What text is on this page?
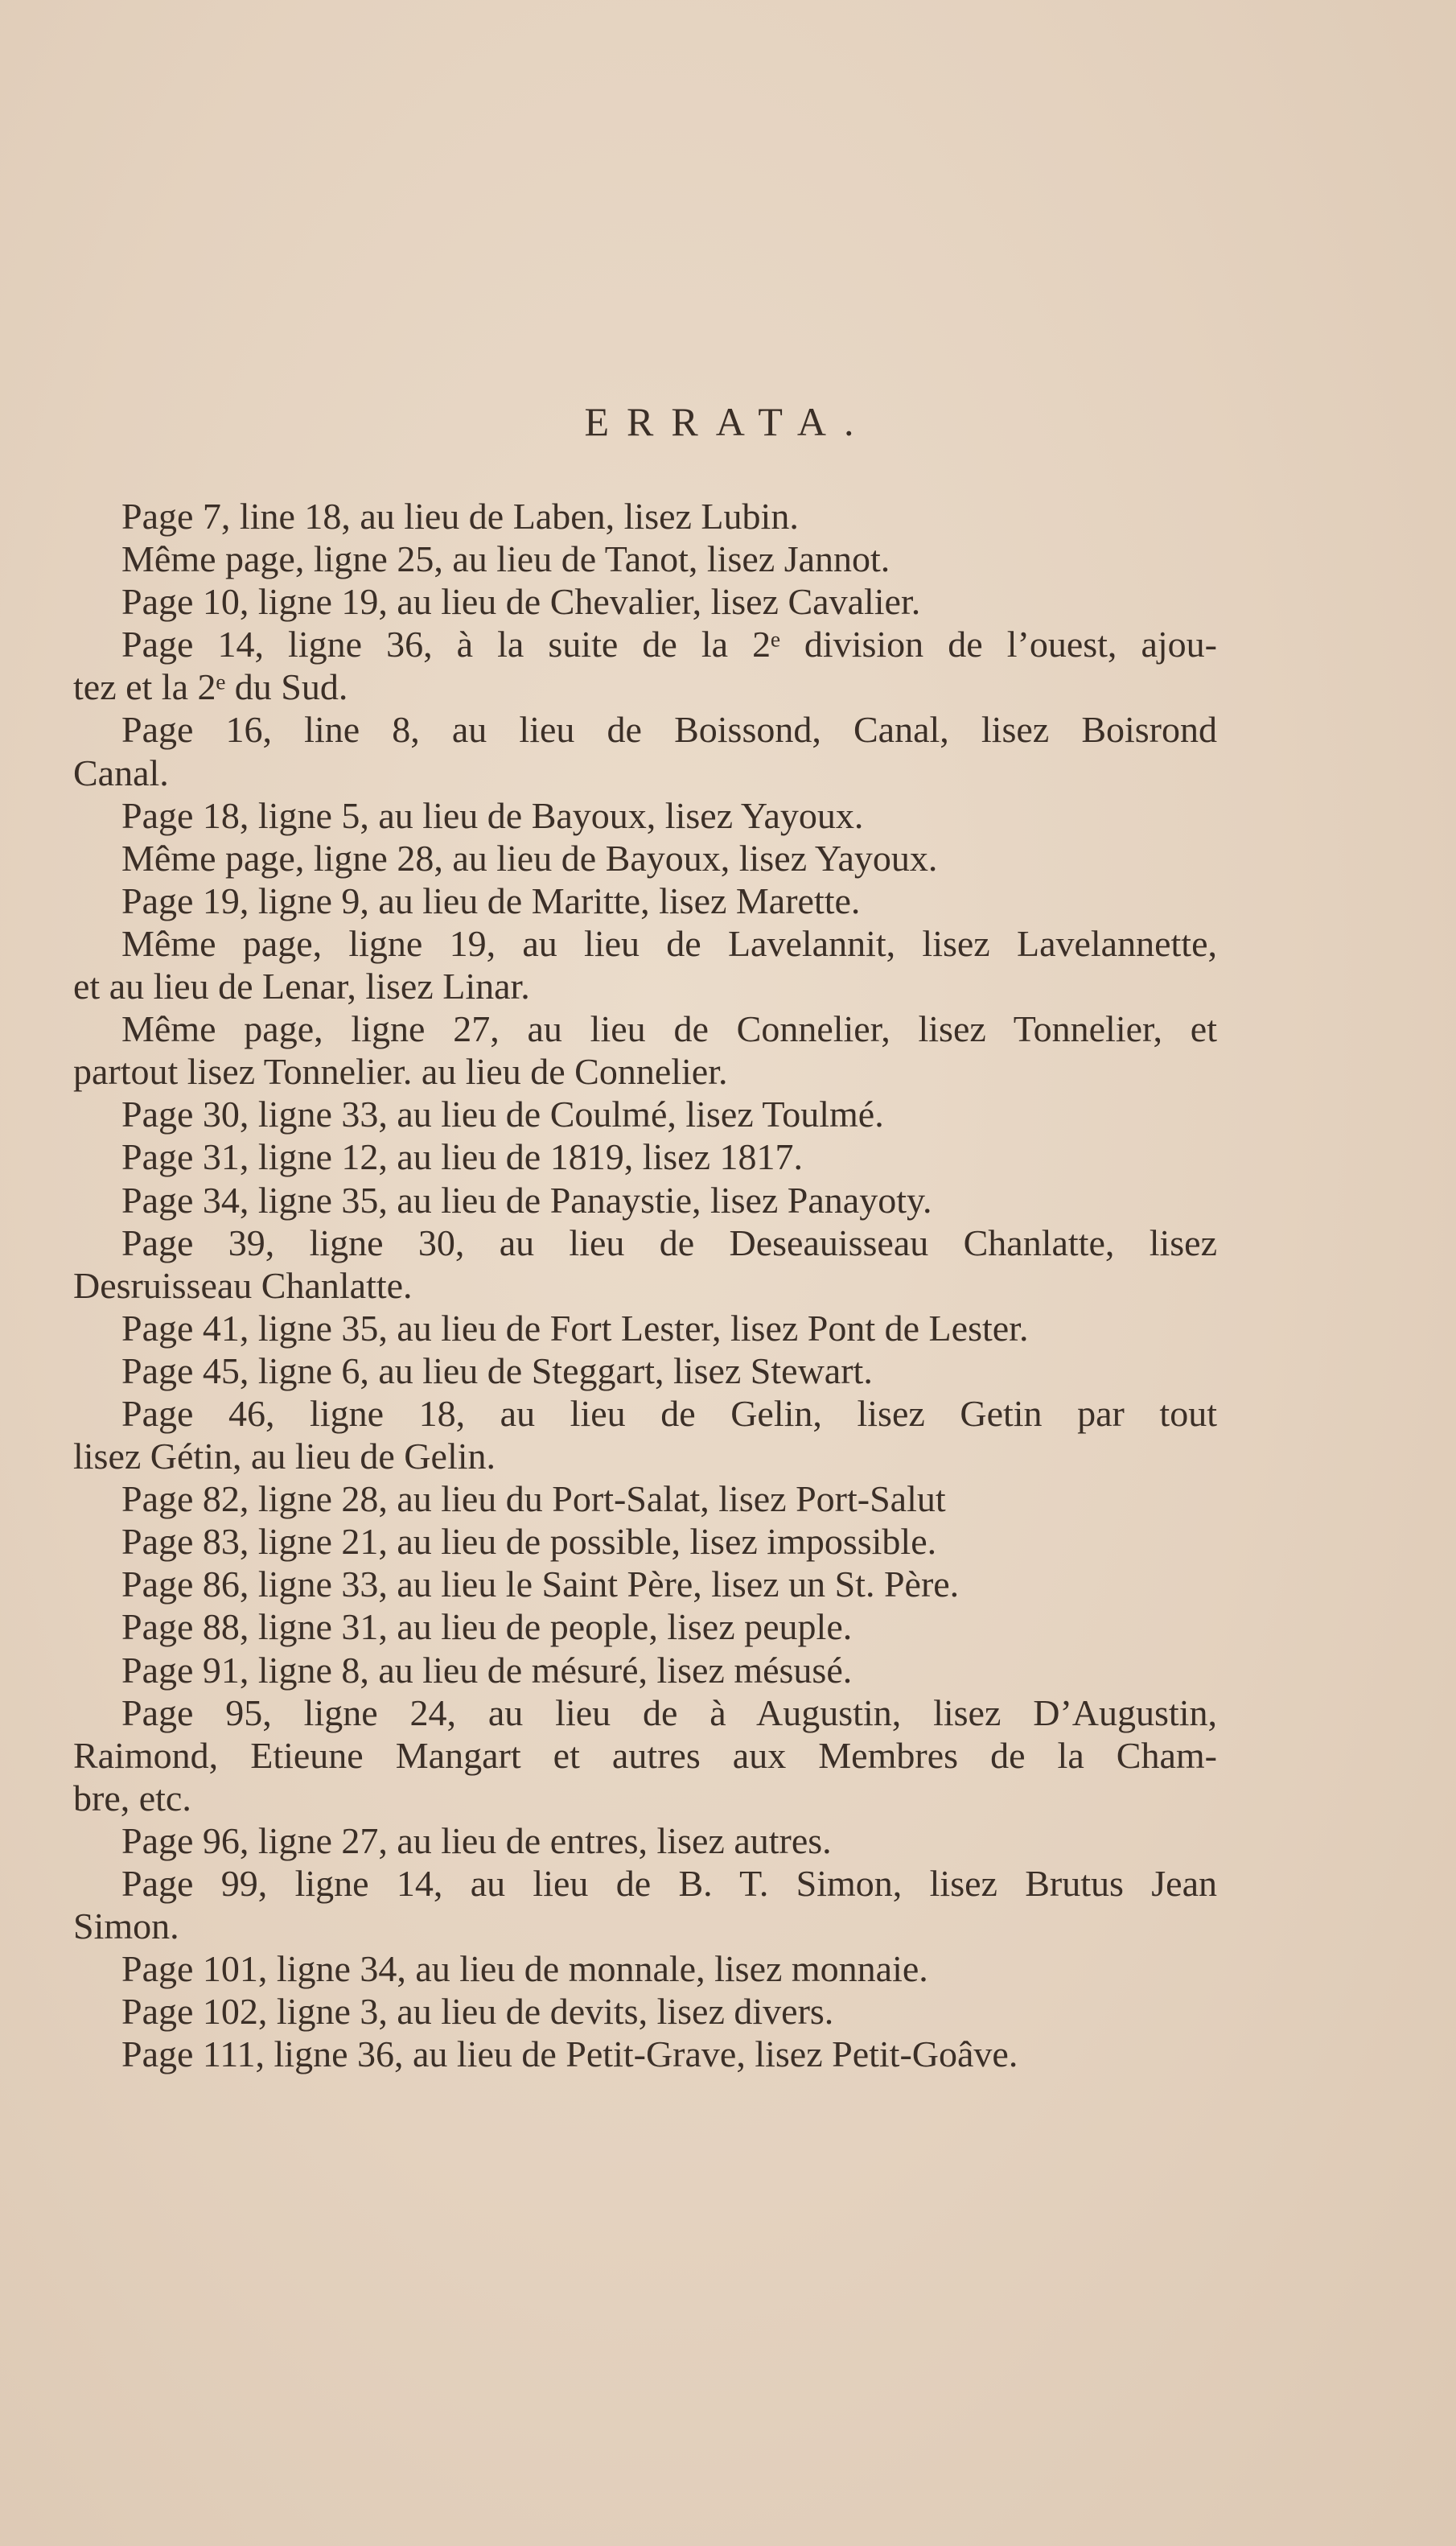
ERRATA.
Page 7, line 18, au lieu de Laben, lisez Lubin.
Même page, ligne 25, au lieu de Tanot, lisez Jannot.
Page 10, ligne 19, au lieu de Chevalier, lisez Cavalier.
Page 14, ligne 36, à la suite de la 2ᵉ division de l’ouest, ajou-
tez et la 2ᵉ du Sud.
Page 16, line 8, au lieu de Boissond, Canal, lisez Boisrond
Canal.
Page 18, ligne 5, au lieu de Bayoux, lisez Yayoux.
Même page, ligne 28, au lieu de Bayoux, lisez Yayoux.
Page 19, ligne 9, au lieu de Maritte, lisez Marette.
Même page, ligne 19, au lieu de Lavelannit, lisez Lavelannette,
et au lieu de Lenar, lisez Linar.
Même page, ligne 27, au lieu de Connelier, lisez Tonnelier, et
partout lisez Tonnelier. au lieu de Connelier.
Page 30, ligne 33, au lieu de Coulmé, lisez Toulmé.
Page 31, ligne 12, au lieu de 1819, lisez 1817.
Page 34, ligne 35, au lieu de Panaystie, lisez Panayoty.
Page 39, ligne 30, au lieu de Deseauisseau Chanlatte, lisez
Desruisseau Chanlatte.
Page 41, ligne 35, au lieu de Fort Lester, lisez Pont de Lester.
Page 45, ligne 6, au lieu de Steggart, lisez Stewart.
Page 46, ligne 18, au lieu de Gelin, lisez Getin par tout
lisez Gétin, au lieu de Gelin.
Page 82, ligne 28, au lieu du Port-Salat, lisez Port-Salut
Page 83, ligne 21, au lieu de possible, lisez impossible.
Page 86, ligne 33, au lieu le Saint Père, lisez un St. Père.
Page 88, ligne 31, au lieu de people, lisez peuple.
Page 91, ligne 8, au lieu de mésuré, lisez mésusé.
Page 95, ligne 24, au lieu de à Augustin, lisez D’Augustin,
Raimond, Etieune Mangart et autres aux Membres de la Cham-
bre, etc.
Page 96, ligne 27, au lieu de entres, lisez autres.
Page 99, ligne 14, au lieu de B. T. Simon, lisez Brutus Jean
Simon.
Page 101, ligne 34, au lieu de monnale, lisez monnaie.
Page 102, ligne 3, au lieu de devits, lisez divers.
Page 111, ligne 36, au lieu de Petit-Grave, lisez Petit-Goâve.
